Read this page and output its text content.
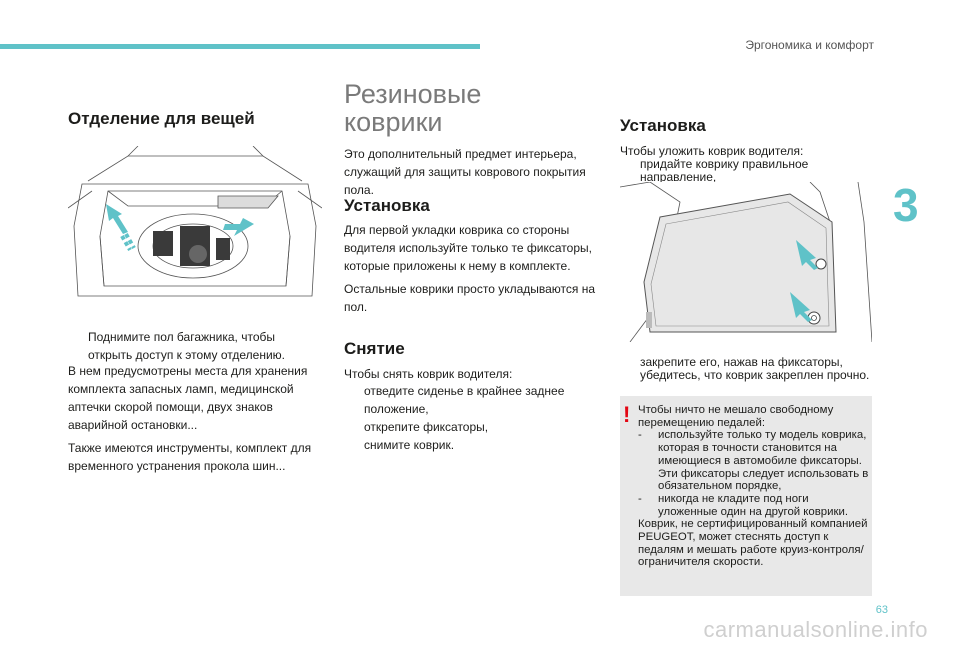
Эргономика и комфорт
3
Отделение для вещей
Поднимите пол багажника, чтобы открыть доступ к этому отделению.
В нем предусмотрены места для хранения комплекта запасных ламп, медицинской аптечки скорой помощи, двух знаков аварийной остановки...
Также имеются инструменты, комплект для временного устранения прокола шин...
Резиновые
коврики
Это дополнительный предмет интерьера, служащий для защиты коврового покрытия пола.
Установка
Для первой укладки коврика со стороны водителя используйте только те фиксаторы, которые приложены к нему в комплекте.
Остальные коврики просто укладываются на пол.
Снятие
Чтобы снять коврик водителя:
отведите сиденье в крайнее заднее положение,
открепите фиксаторы,
снимите коврик.
Установка
Чтобы уложить коврик водителя:
придайте коврику правильное направление,
закрепите его, нажав на фиксаторы,
убедитесь, что коврик закреплен прочно.
! Чтобы ничто не мешало свободному перемещению педалей:
-	используйте только ту модель коврика, которая в точности становится на имеющиеся в автомобиле фиксаторы. Эти фиксаторы следует использовать в обязательном порядке,
-	никогда не кладите под ноги уложенные один на другой коврики.
Коврик, не сертифицированный компанией PEUGEOT, может стеснять доступ к педалям и мешать работе круиз-контроля/ограничителя скорости.
63
carmanualsonline.info
